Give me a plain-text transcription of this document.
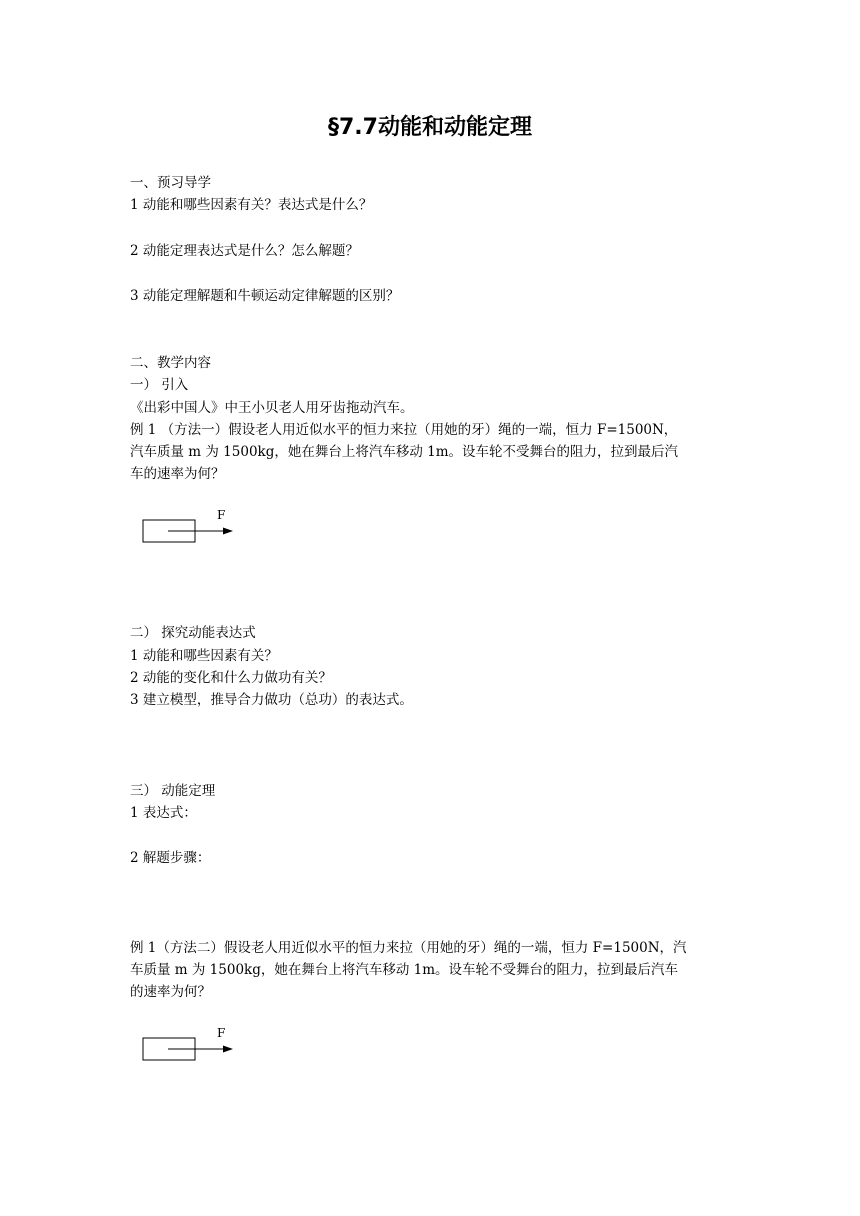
§7.7动能和动能定理
一、预习导学
1 动能和哪些因素有关？表达式是什么？
2 动能定理表达式是什么？怎么解题？
3 动能定理解题和牛顿运动定律解题的区别？
二、教学内容
一） 引入
《出彩中国人》中王小贝老人用牙齿拖动汽车。
例 1 （方法一）假设老人用近似水平的恒力来拉（用她的牙）绳的一端，恒力 F=1500N，
汽车质量 m 为 1500kg，她在舞台上将汽车移动 1m。设车轮不受舞台的阻力，拉到最后汽
车的速率为何？
F
二） 探究动能表达式
1 动能和哪些因素有关？
2 动能的变化和什么力做功有关？
3 建立模型，推导合力做功（总功）的表达式。
三） 动能定理
1 表达式：
2 解题步骤：
例 1（方法二）假设老人用近似水平的恒力来拉（用她的牙）绳的一端，恒力 F=1500N，汽
车质量 m 为 1500kg，她在舞台上将汽车移动 1m。设车轮不受舞台的阻力，拉到最后汽车
的速率为何？
F
